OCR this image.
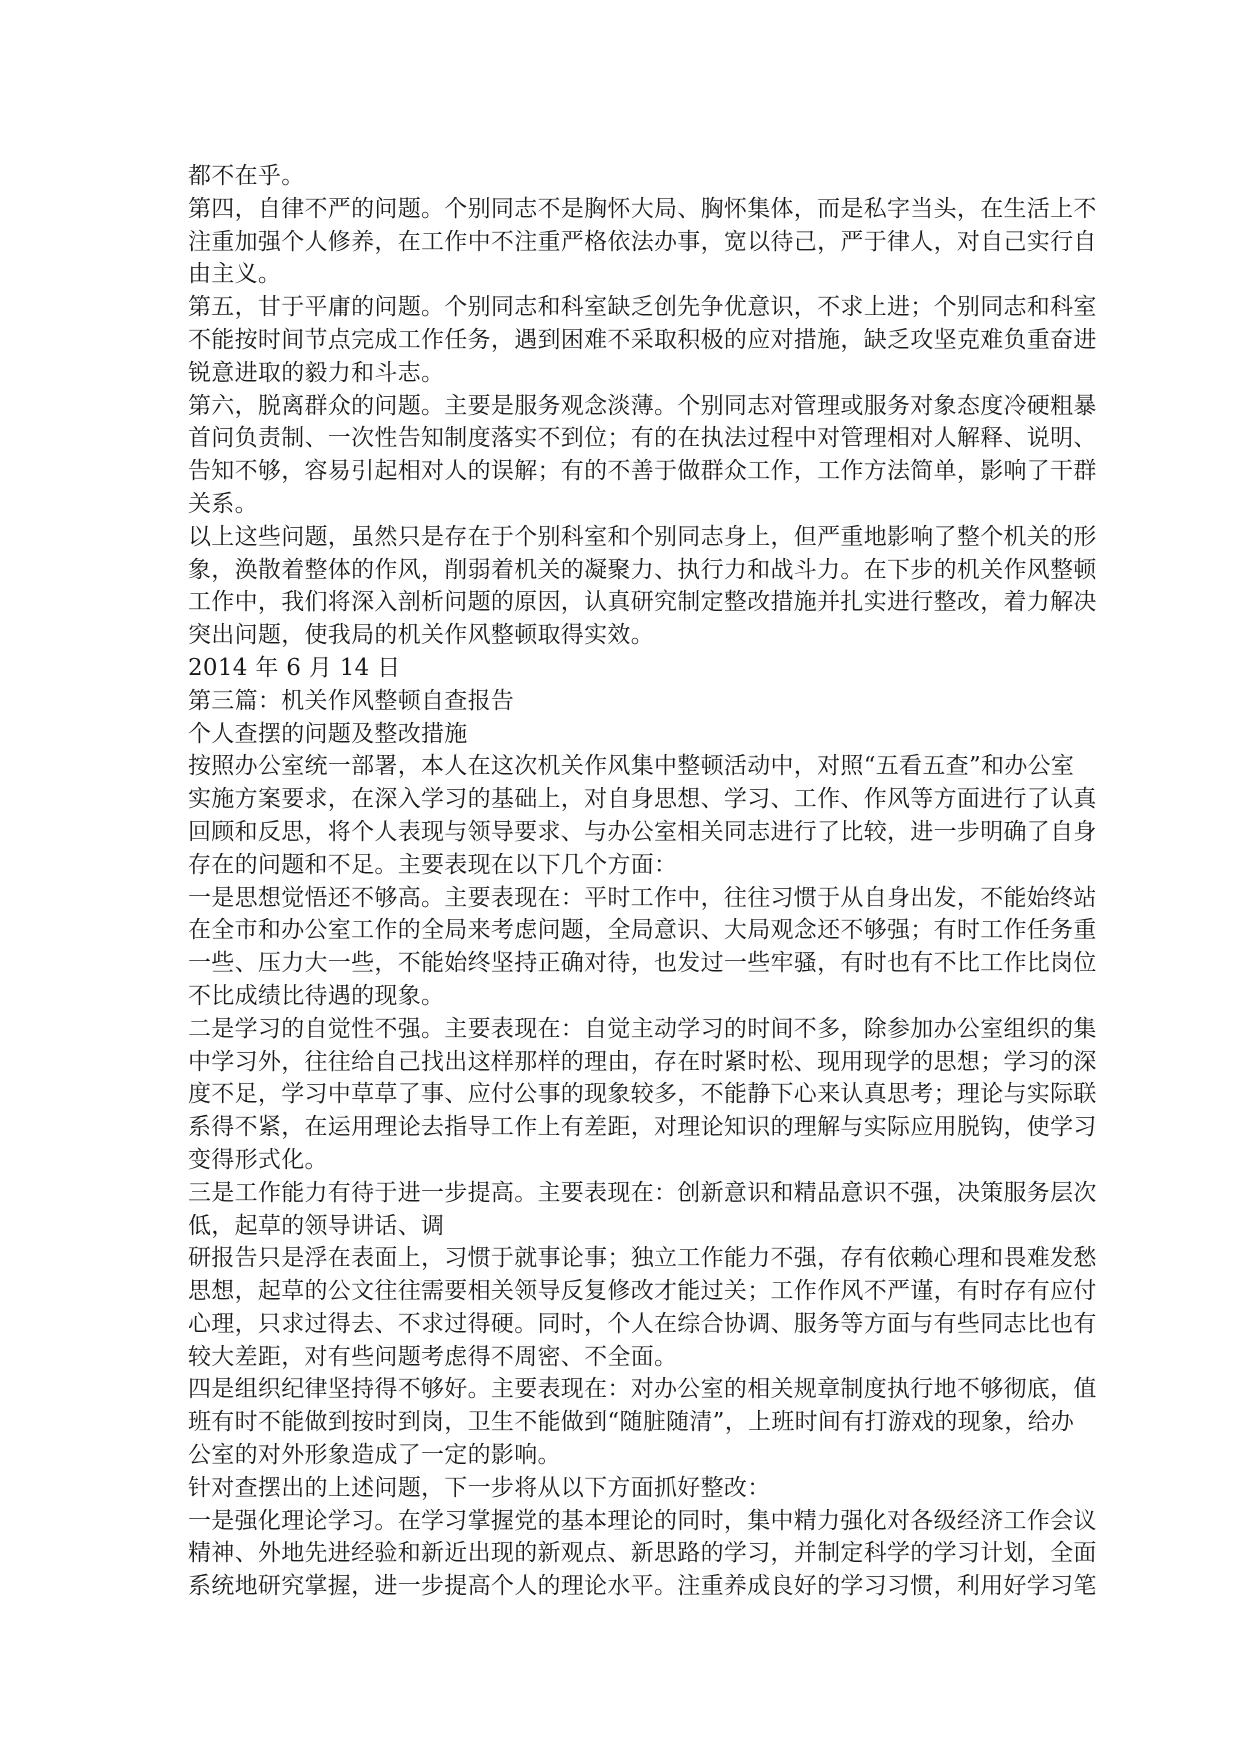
都不在乎。
第四，自律不严的问题。个别同志不是胸怀大局、胸怀集体，而是私字当头，在生活上不
注重加强个人修养，在工作中不注重严格依法办事，宽以待己，严于律人，对自己实行自
由主义。
第五，甘于平庸的问题。个别同志和科室缺乏创先争优意识，不求上进；个别同志和科室
不能按时间节点完成工作任务，遇到困难不采取积极的应对措施，缺乏攻坚克难负重奋进
锐意进取的毅力和斗志。
第六，脱离群众的问题。主要是服务观念淡薄。个别同志对管理或服务对象态度冷硬粗暴
首问负责制、一次性告知制度落实不到位；有的在执法过程中对管理相对人解释、说明、
告知不够，容易引起相对人的误解；有的不善于做群众工作，工作方法简单，影响了干群
关系。
以上这些问题，虽然只是存在于个别科室和个别同志身上，但严重地影响了整个机关的形
象，涣散着整体的作风，削弱着机关的凝聚力、执行力和战斗力。在下步的机关作风整顿
工作中，我们将深入剖析问题的原因，认真研究制定整改措施并扎实进行整改，着力解决
突出问题，使我局的机关作风整顿取得实效。
2014 年 6 月 14 日
第三篇：机关作风整顿自查报告
个人查摆的问题及整改措施
按照办公室统一部署，本人在这次机关作风集中整顿活动中，对照“五看五查”和办公室
实施方案要求，在深入学习的基础上，对自身思想、学习、工作、作风等方面进行了认真
回顾和反思，将个人表现与领导要求、与办公室相关同志进行了比较，进一步明确了自身
存在的问题和不足。主要表现在以下几个方面：
一是思想觉悟还不够高。主要表现在：平时工作中，往往习惯于从自身出发，不能始终站
在全市和办公室工作的全局来考虑问题，全局意识、大局观念还不够强；有时工作任务重
一些、压力大一些，不能始终坚持正确对待，也发过一些牢骚，有时也有不比工作比岗位
不比成绩比待遇的现象。
二是学习的自觉性不强。主要表现在：自觉主动学习的时间不多，除参加办公室组织的集
中学习外，往往给自己找出这样那样的理由，存在时紧时松、现用现学的思想；学习的深
度不足，学习中草草了事、应付公事的现象较多，不能静下心来认真思考；理论与实际联
系得不紧，在运用理论去指导工作上有差距，对理论知识的理解与实际应用脱钩，使学习
变得形式化。
三是工作能力有待于进一步提高。主要表现在：创新意识和精品意识不强，决策服务层次
低，起草的领导讲话、调
研报告只是浮在表面上，习惯于就事论事；独立工作能力不强，存有依赖心理和畏难发愁
思想，起草的公文往往需要相关领导反复修改才能过关；工作作风不严谨，有时存有应付
心理，只求过得去、不求过得硬。同时，个人在综合协调、服务等方面与有些同志比也有
较大差距，对有些问题考虑得不周密、不全面。
四是组织纪律坚持得不够好。主要表现在：对办公室的相关规章制度执行地不够彻底，值
班有时不能做到按时到岗，卫生不能做到“随脏随清”，上班时间有打游戏的现象，给办
公室的对外形象造成了一定的影响。
针对查摆出的上述问题，下一步将从以下方面抓好整改：
一是强化理论学习。在学习掌握党的基本理论的同时，集中精力强化对各级经济工作会议
精神、外地先进经验和新近出现的新观点、新思路的学习，并制定科学的学习计划，全面
系统地研究掌握，进一步提高个人的理论水平。注重养成良好的学习习惯，利用好学习笔
